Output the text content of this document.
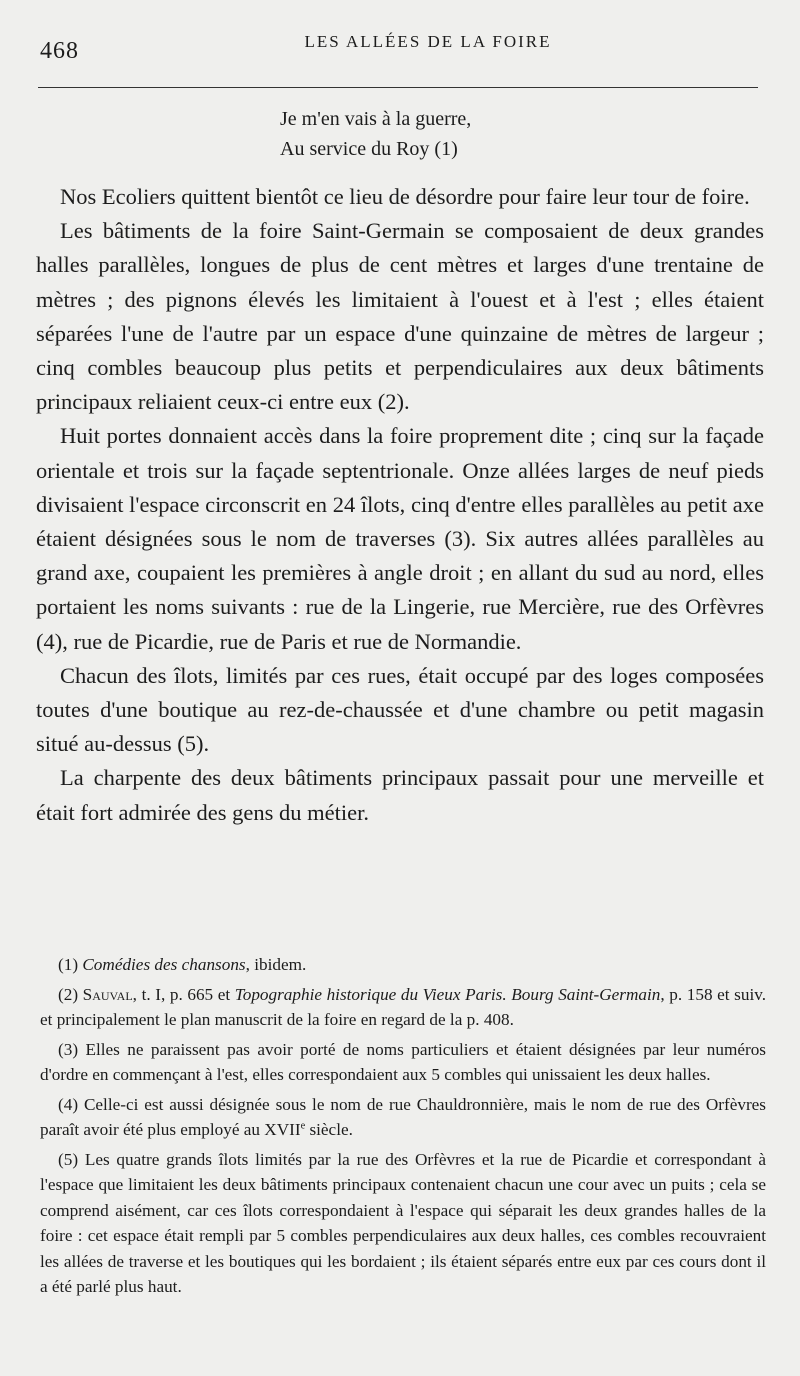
468	LES ALLÉES DE LA FOIRE
Je m'en vais à la guerre,
Au service du Roy (1)

Nos Ecoliers quittent bientôt ce lieu de désordre pour faire leur tour de foire.

Les bâtiments de la foire Saint-Germain se composaient de deux grandes halles parallèles, longues de plus de cent mètres et larges d'une trentaine de mètres ; des pignons élevés les limitaient à l'ouest et à l'est ; elles étaient séparées l'une de l'autre par un espace d'une quinzaine de mètres de largeur ; cinq combles beaucoup plus petits et perpendiculaires aux deux bâtiments principaux reliaient ceux-ci entre eux (2).

Huit portes donnaient accès dans la foire proprement dite ; cinq sur la façade orientale et trois sur la façade septentrionale. Onze allées larges de neuf pieds divisaient l'espace circonscrit en 24 îlots, cinq d'entre elles parallèles au petit axe étaient désignées sous le nom de traverses (3). Six autres allées parallèles au grand axe, coupaient les premières à angle droit ; en allant du sud au nord, elles portaient les noms suivants : rue de la Lingerie, rue Mercière, rue des Orfèvres (4), rue de Picardie, rue de Paris et rue de Normandie.

Chacun des îlots, limités par ces rues, était occupé par des loges composées toutes d'une boutique au rez-de-chaussée et d'une chambre ou petit magasin situé au-dessus (5).

La charpente des deux bâtiments principaux passait pour une merveille et était fort admirée des gens du métier.

(1) Comédies des chansons, ibidem.

(2) Sauval, t. I, p. 665 et Topographie historique du Vieux Paris. Bourg Saint-Germain, p. 158 et suiv. et principalement le plan manuscrit de la foire en regard de la p. 408.

(3) Elles ne paraissent pas avoir porté de noms particuliers et étaient désignées par leur numéros d'ordre en commençant à l'est, elles correspondaient aux 5 combles qui unissaient les deux halles.

(4) Celle-ci est aussi désignée sous le nom de rue Chauldronnière, mais le nom de rue des Orfèvres paraît avoir été plus employé au XVIIe siècle.

(5) Les quatre grands îlots limités par la rue des Orfèvres et la rue de Picardie et correspondant à l'espace que limitaient les deux bâtiments principaux contenaient chacun une cour avec un puits ; cela se comprend aisément, car ces îlots correspondaient à l'espace qui séparait les deux grandes halles de la foire : cet espace était rempli par 5 combles perpendiculaires aux deux halles, ces combles recouvraient les allées de traverse et les boutiques qui les bordaient ; ils étaient séparés entre eux par ces cours dont il a été parlé plus haut.
